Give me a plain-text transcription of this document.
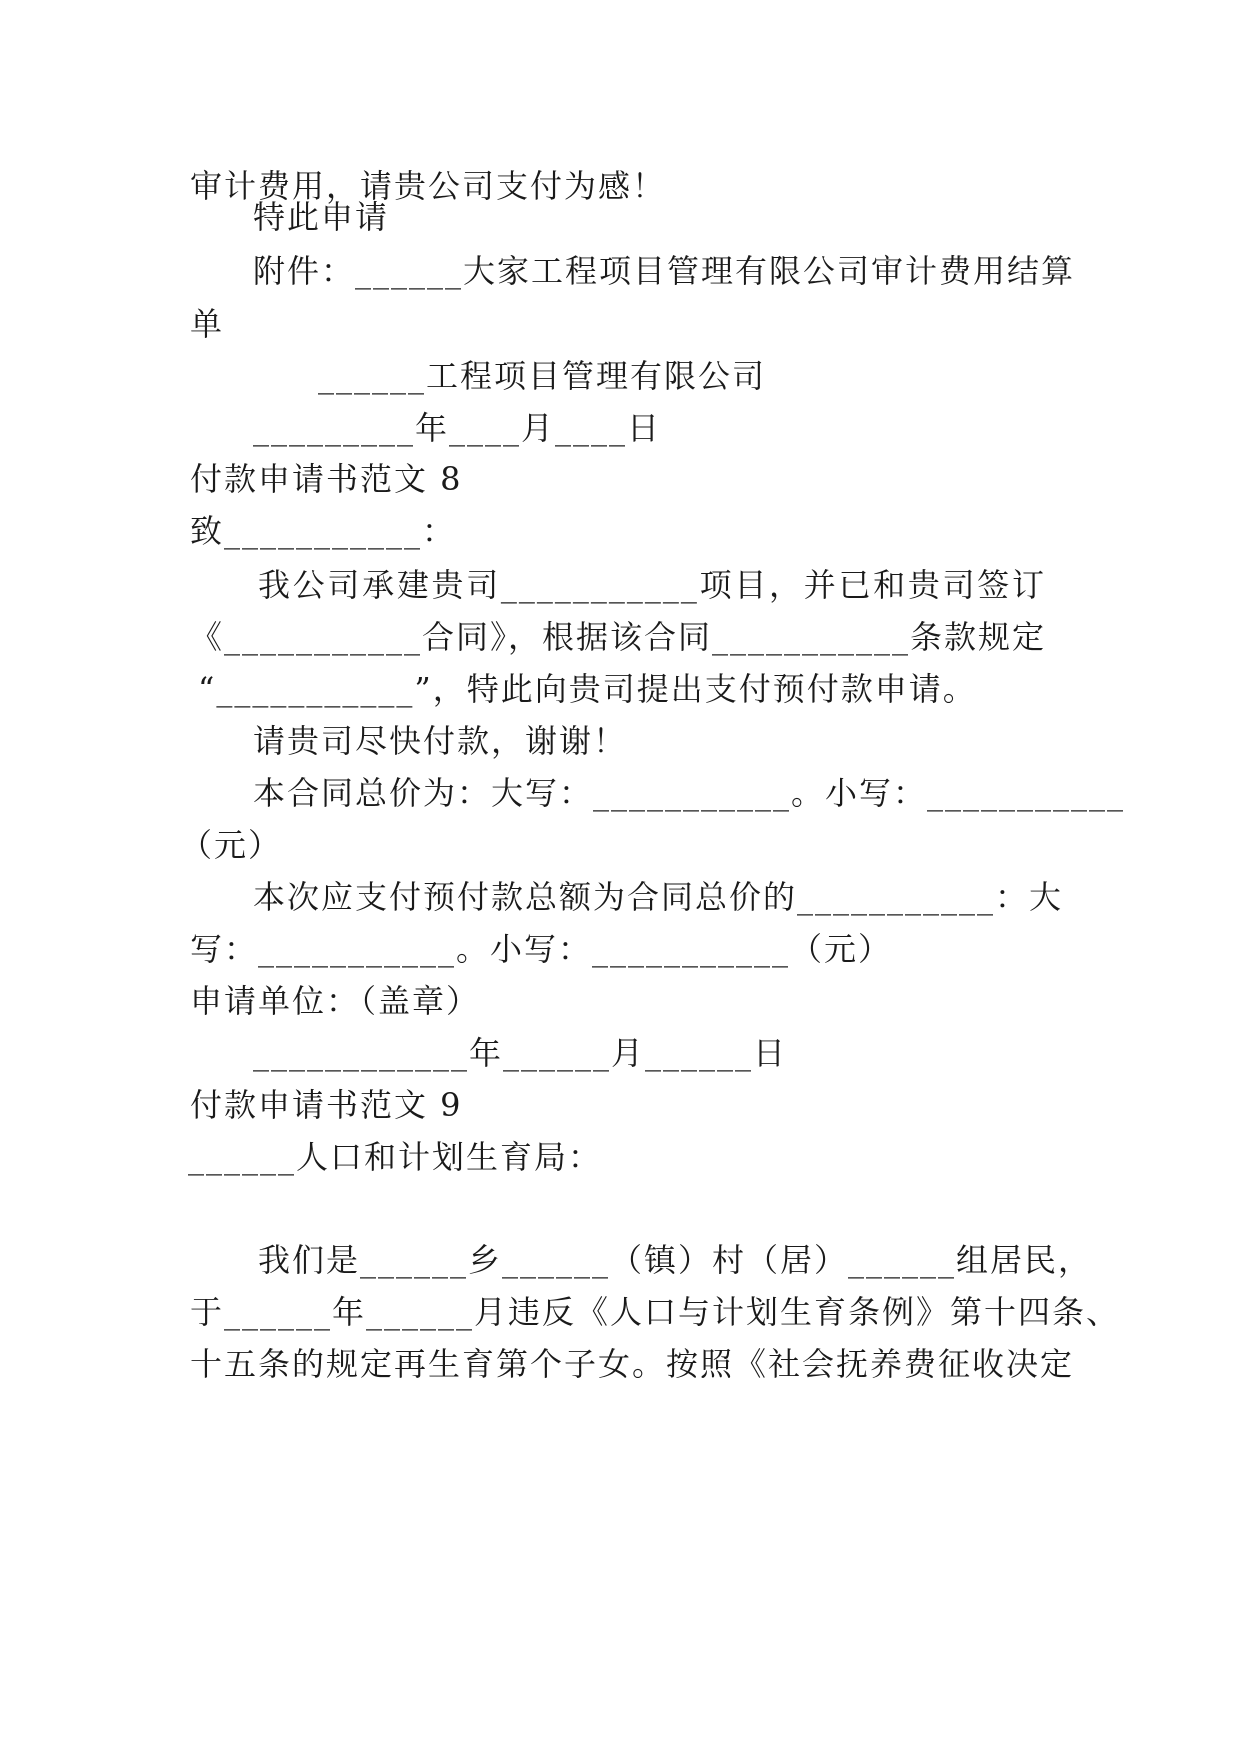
审计费用，请贵公司支付为感！
特此申请
附件：______大家工程项目管理有限公司审计费用结算
单
______工程项目管理有限公司
_________年____月____日
付款申请书范文 8
致___________：
我公司承建贵司___________项目，并已和贵司签订
《___________合同》，根据该合同___________条款规定
“___________”，特此向贵司提出支付预付款申请。
请贵司尽快付款，谢谢！
本合同总价为：大写：___________。小写：___________
（元）
本次应支付预付款总额为合同总价的___________：大
写：___________。小写：___________（元）
申请单位：（盖章）
____________年______月______日
付款申请书范文 9
______人口和计划生育局：
我们是______乡______（镇）村（居）______组居民，
于______年______月违反《人口与计划生育条例》第十四条、
十五条的规定再生育第个子女。按照《社会抚养费征收决定
